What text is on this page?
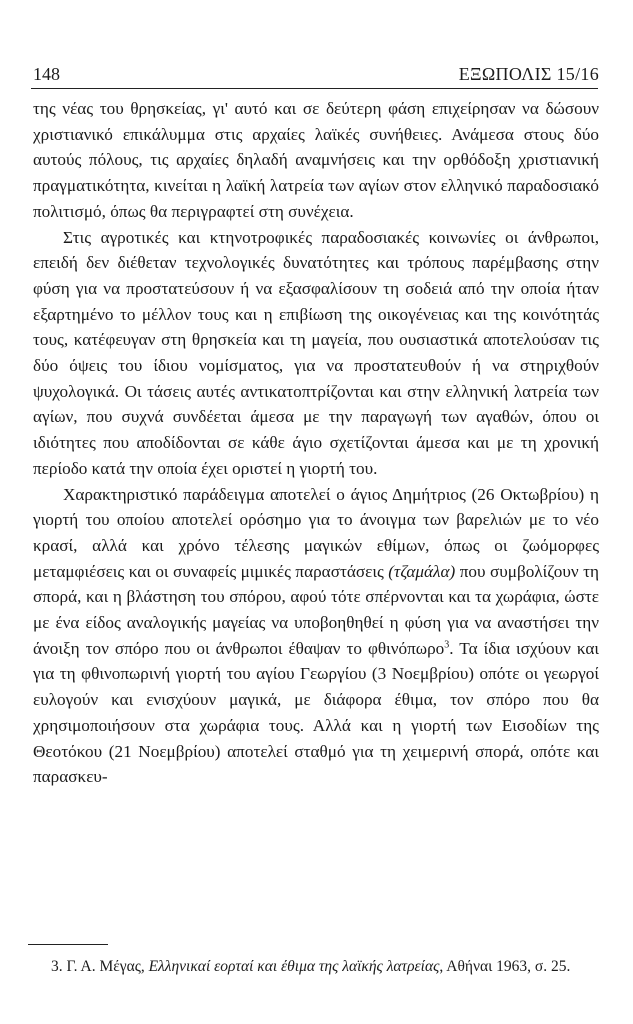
148	ΕΞΩΠΟΛΙΣ 15/16

της νέας του θρησκείας, γι' αυτό και σε δεύτερη φάση επιχείρησαν να δώσουν χριστιανικό επικάλυμμα στις αρχαίες λαϊκές συνήθειες. Ανάμεσα στους δύο αυτούς πόλους, τις αρχαίες δηλαδή αναμνήσεις και την ορθόδοξη χριστιανική πραγματικότητα, κινείται η λαϊκή λατρεία των αγίων στον ελληνικό παραδοσιακό πολιτισμό, όπως θα περιγραφτεί στη συνέχεια.

Στις αγροτικές και κτηνοτροφικές παραδοσιακές κοινωνίες οι άνθρωποι, επειδή δεν διέθεταν τεχνολογικές δυνατότητες και τρόπους παρέμβασης στην φύση για να προστατεύσουν ή να εξασφαλίσουν τη σοδειά από την οποία ήταν εξαρτημένο το μέλλον τους και η επιβίωση της οικογένειας και της κοινότητάς τους, κατέφευγαν στη θρησκεία και τη μαγεία, που ουσιαστικά αποτελούσαν τις δύο όψεις του ίδιου νομίσματος, για να προστατευθούν ή να στηριχθούν ψυχολογικά. Οι τάσεις αυτές αντικατοπτρίζονται και στην ελληνική λατρεία των αγίων, που συχνά συνδέεται άμεσα με την παραγωγή των αγαθών, όπου οι ιδιότητες που αποδίδονται σε κάθε άγιο σχετίζονται άμεσα και με τη χρονική περίοδο κατά την οποία έχει οριστεί η γιορτή του.

Χαρακτηριστικό παράδειγμα αποτελεί ο άγιος Δημήτριος (26 Οκτωβρίου) η γιορτή του οποίου αποτελεί ορόσημο για το άνοιγμα των βαρελιών με το νέο κρασί, αλλά και χρόνο τέλεσης μαγικών εθίμων, όπως οι ζωόμορφες μεταμφιέσεις και οι συναφείς μιμικές παραστάσεις (τζαμάλα) που συμβολίζουν τη σπορά, και η βλάστηση του σπόρου, αφού τότε σπέρνονται και τα χωράφια, ώστε με ένα είδος αναλογικής μαγείας να υποβοηθηθεί η φύση για να αναστήσει την άνοιξη τον σπόρο που οι άνθρωποι έθαψαν το φθινόπωρο$^3$. Τα ίδια ισχύουν και για τη φθινοπωρινή γιορτή του αγίου Γεωργίου (3 Νοεμβρίου) οπότε οι γεωργοί ευλογούν και ενισχύουν μαγικά, με διάφορα έθιμα, τον σπόρο που θα χρησιμοποιήσουν στα χωράφια τους. Αλλά και η γιορτή των Εισοδίων της Θεοτόκου (21 Νοεμβρίου) αποτελεί σταθμό για τη χειμερινή σπορά, οπότε και παρασκευ-

3. Γ. Α. Μέγας, Ελληνικαί εορταί και έθιμα της λαϊκής λατρείας, Αθήναι 1963, σ. 25.
